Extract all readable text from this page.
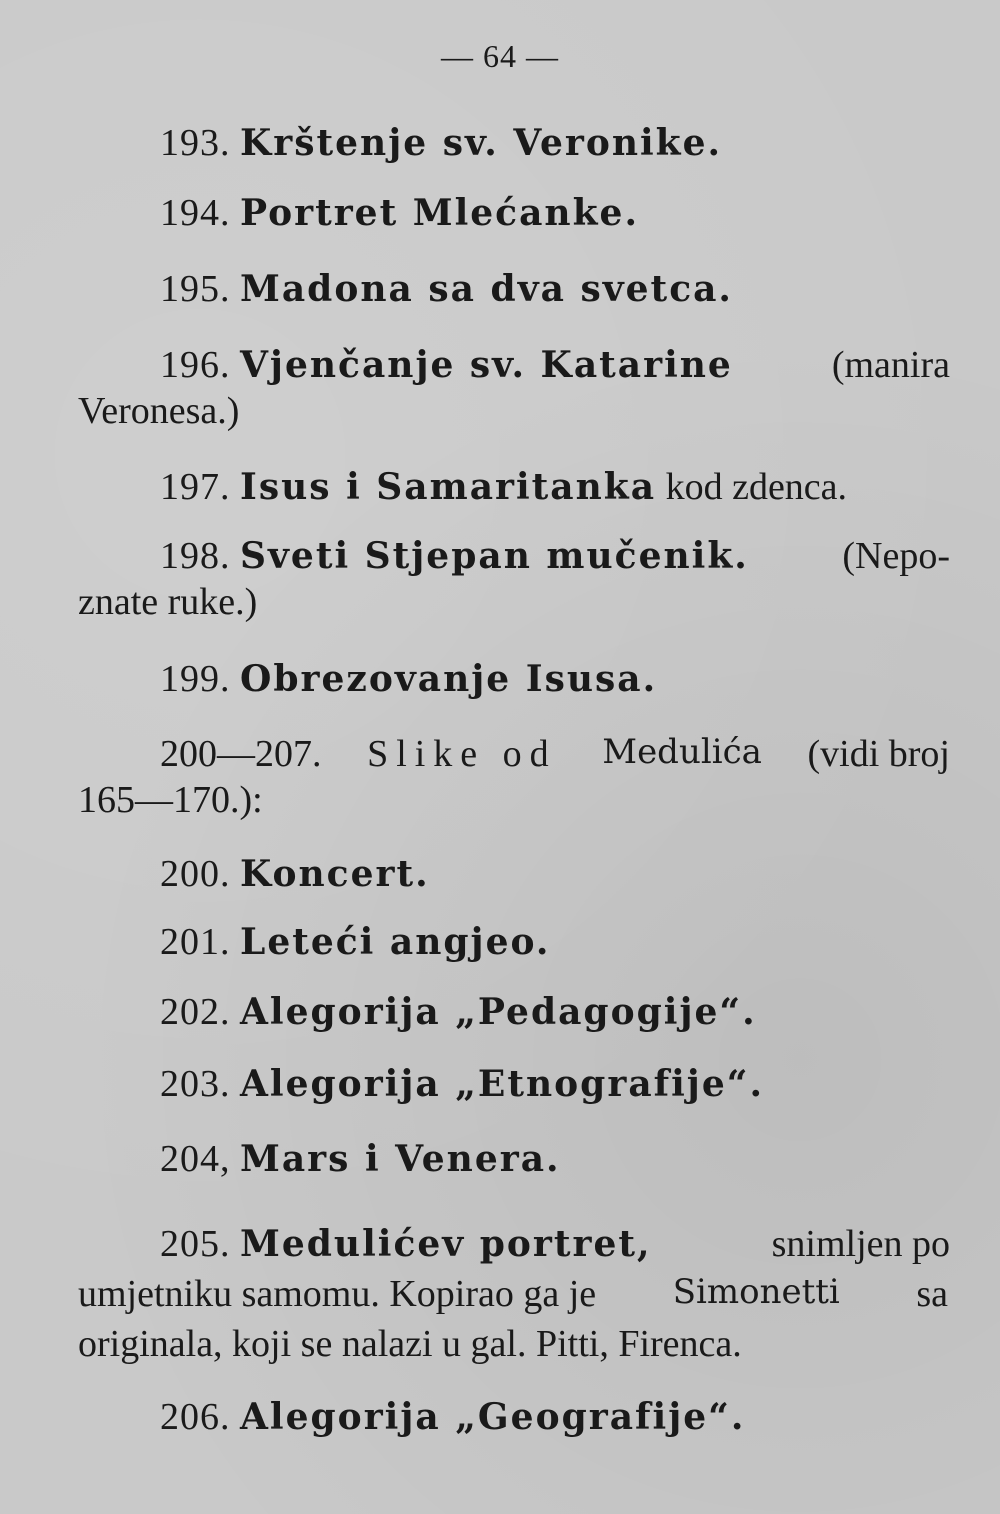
— 64 —
193. Krštenje sv. Veronike.
194. Portret Mlećanke.
195. Madona sa dva svetca.
196. Vjenčanje sv. Katarine	(manira
Veronesa.)
197. Isus i Samaritanka kod zdenca.
198. Sveti Stjepan mučenik. (Nepo-
znate ruke.)
199. Obrezovanje Isusa.
200—207. Slike od Medulića (vidi broj
165—170.):
200. Koncert.
201. Leteći angjeo.
202. Alegorija „Pedagogije“.
203. Alegorija „Etnografije“.
204, Mars i Venera.
205. Medulićev portret,	snimljen po
umjetniku samomu. Kopirao ga je Simonetti sa
originala, koji se nalazi u gal. Pitti, Firenca.
206. Alegorija „Geografije“.
